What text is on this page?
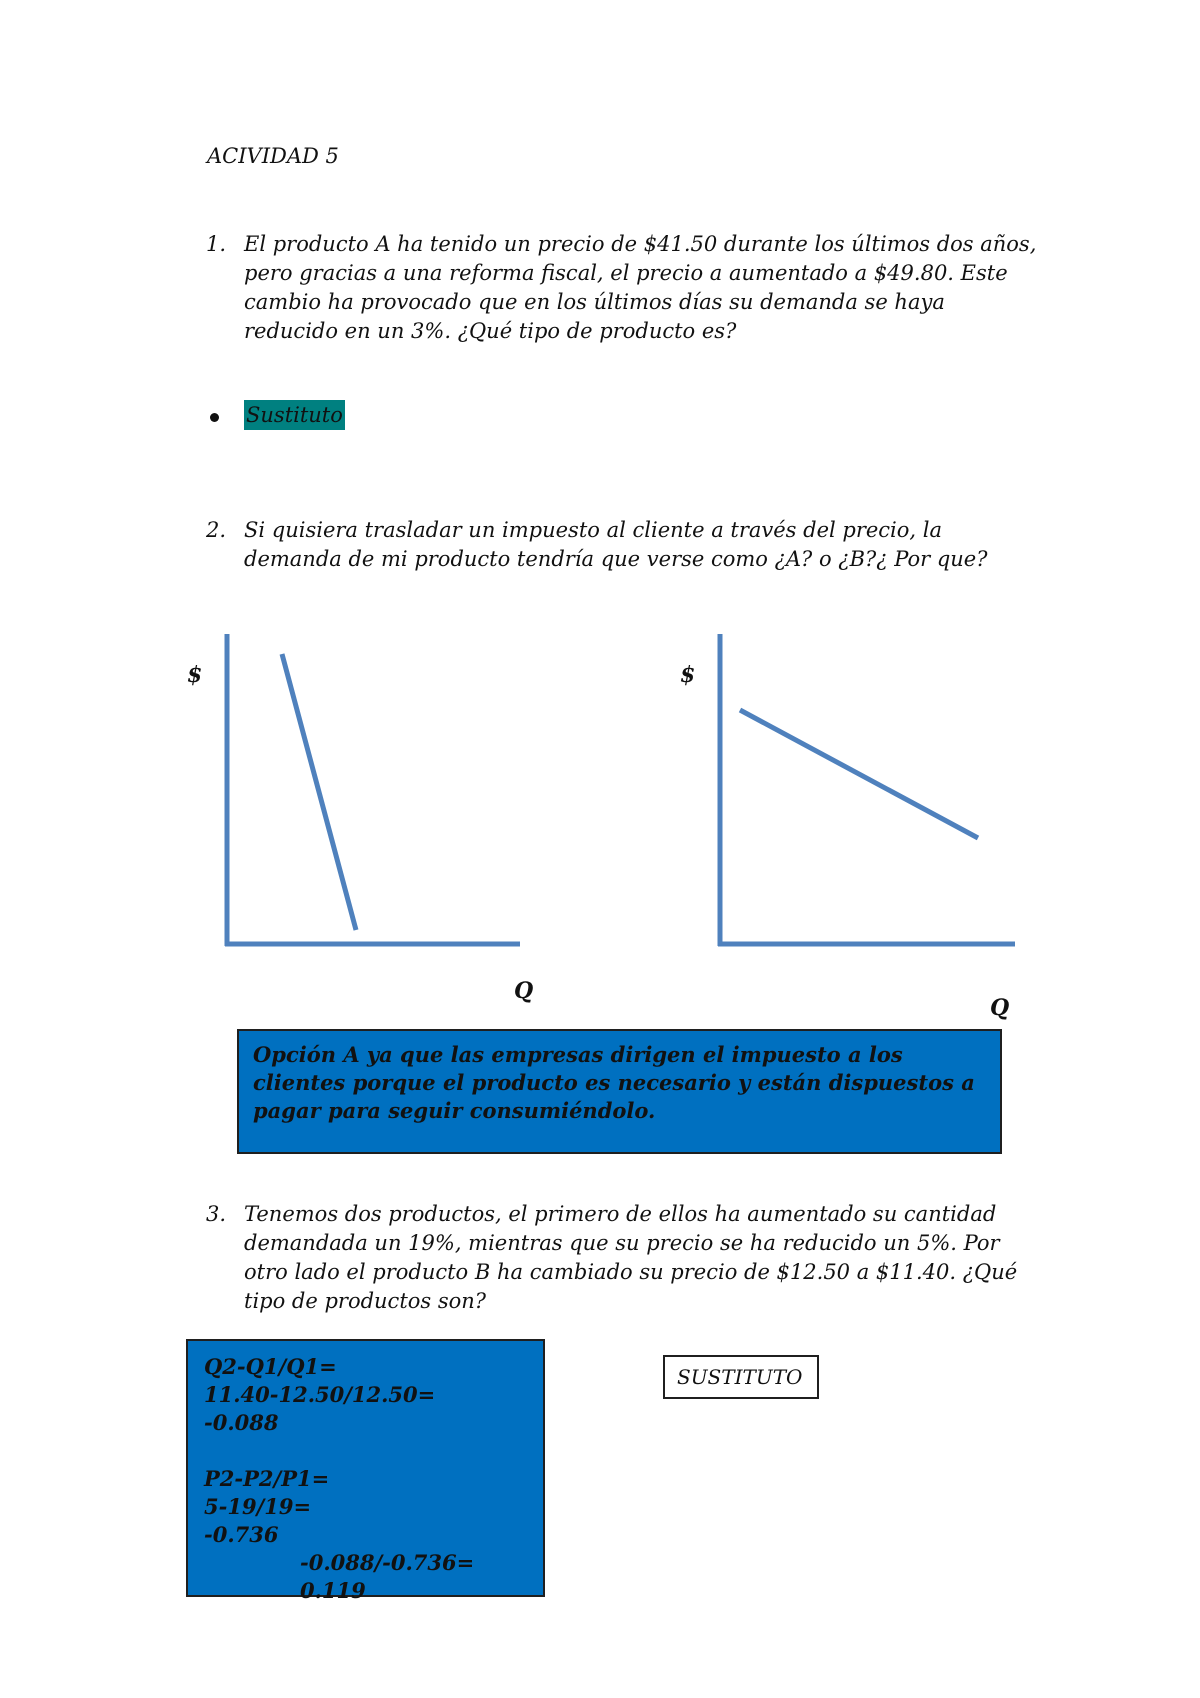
ACIVIDAD 5
1. El producto A ha tenido un precio de $41.50 durante los últimos dos años, pero gracias a una reforma fiscal, el precio a aumentado a $49.80. Este cambio ha provocado que en los últimos días su demanda se haya reducido en un 3%. ¿Qué tipo de producto es?
Sustituto
2. Si quisiera trasladar un impuesto al cliente a través del precio, la demanda de mi producto tendría que verse como ¿A? o ¿B?¿ Por que?
$
Q
$
Q
Opción A ya que las empresas dirigen el impuesto a los clientes porque el producto es necesario y están dispuestos a pagar para seguir consumiéndolo.
3. Tenemos dos productos, el primero de ellos ha aumentado su cantidad demandada un 19%, mientras que su precio se ha reducido un 5%. Por otro lado el producto B ha cambiado su precio de $12.50 a $11.40. ¿Qué tipo de productos son?
Q2-Q1/Q1=
11.40-12.50/12.50=
-0.088
P2-P2/P1=
5-19/19=
-0.736
-0.088/-0.736= 0.119
SUSTITUTO
